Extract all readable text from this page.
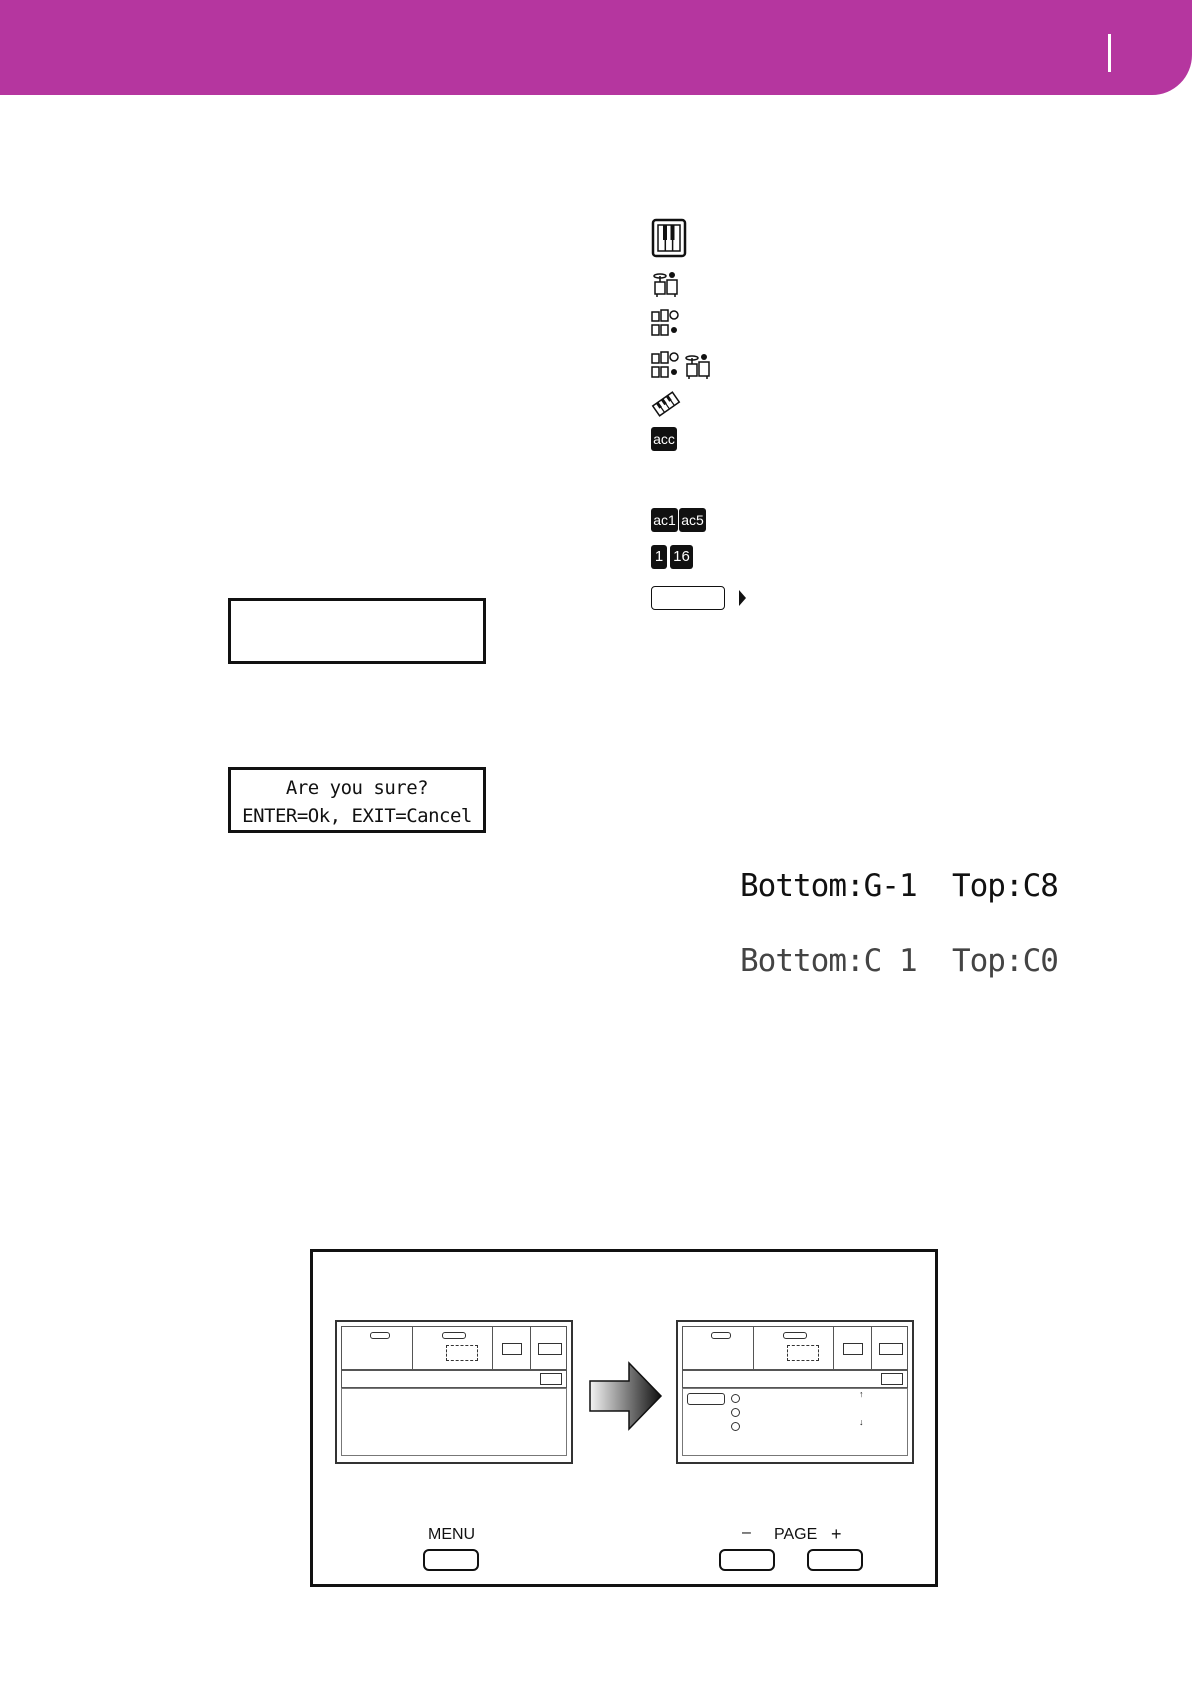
Are you sure?
ENTER=Ok, EXIT=Cancel
acc
ac1 ac5
1 16
Bottom:G-1  Top:C8
Bottom:C 1  Top:C0
↑
↓
MENU	– PAGE +
